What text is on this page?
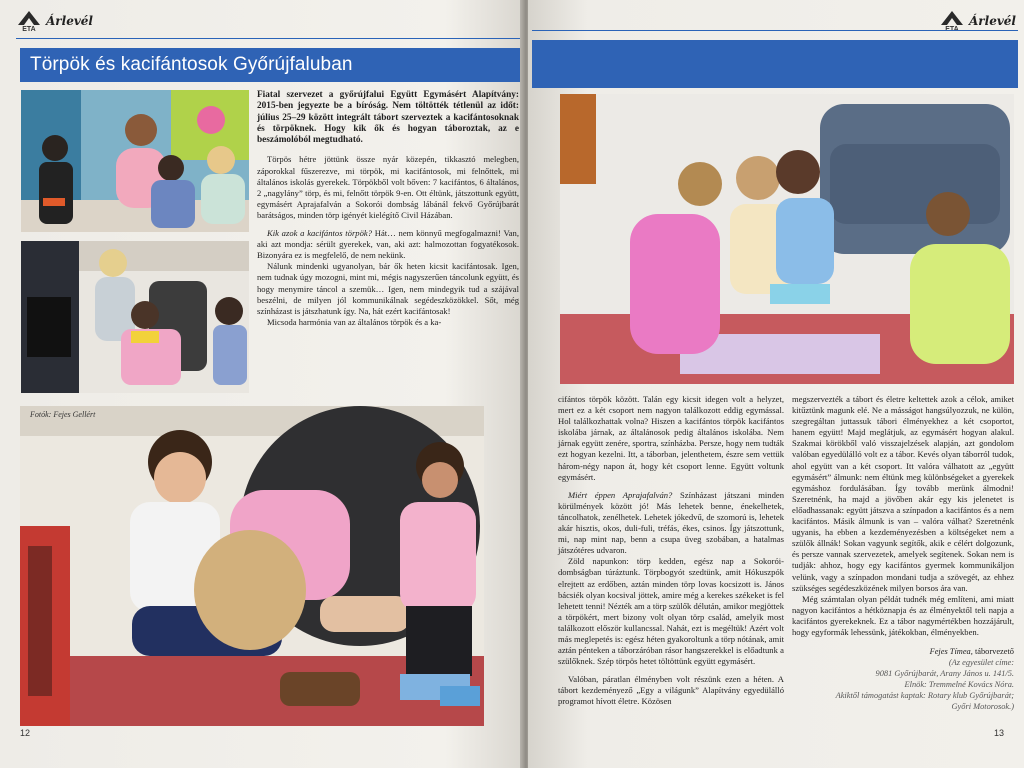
ETA
Árlevél
Törpök és kacifántosok Győrújfaluban
Fotók: Fejes Gellért

Fiatal szervezet a győrújfalui Együtt Egymásért Alapítvány: 2015-ben jegyezte be a bíróság. Nem töltötték tétlenül az időt: július 25–29 között integrált tábort szerveztek a kacifántosoknak és törpöknek. Hogy kik ők és hogyan táboroztak, az e beszámolóból megtudható.

Törpös hétre jöttünk össze nyár közepén, tikkasztó melegben, záporokkal fűszerezve, mi törpök, mi kacifántosok, mi felnőttek, mi általános iskolás gyerekek. Törpökből volt bőven: 7 kacifántos, 6 általános, 2 „nagylány” törp, és mi, felnőtt törpök 9-en. Ott éltünk, játszottunk együtt, egymásért Aprajafalván a Sokorói dombság lábánál fekvő Győrújbarát barátságos, minden törp igényét kielégítő Civil Házában.

Kik azok a kacifántos törpök? Hát… nem könnyű megfogalmazni! Van, aki azt mondja: sérült gyerekek, van, aki azt: halmozottan fogyatékosok. Bizonyára ez is megfelelő, de nem nekünk.

Nálunk mindenki ugyanolyan, bár ők heten kicsit kacifántosak. Igen, nem tudnak úgy mozogni, mint mi, mégis nagyszerűen táncolunk együtt, és hogy menymire táncol a szemük… Igen, nem mindegyik tud a szájával beszélni, de milyen jól kommunikálnak segédeszközökkel. Sőt, még színházast is játszhatunk így. Na, hát ezért kacifántosak!

Micsoda harmónia van az általános törpök és a ka-

12
Árlevél

cifántos törpök között. Talán egy kicsit idegen volt a helyzet, mert ez a két csoport nem nagyon találkozott eddig egymással. Hol találkozhattak volna? Hiszen a kacifántos törpök kacifántos iskolába járnak, az általánosok pedig általános iskolába. Nem járnak együtt zenére, sportra, színházba. Persze, hogy nem tudták ezt hogyan kezelni. Itt, a táborban, jelenthetem, észre sem vettük három-négy napon át, hogy két csoport lenne. Együtt voltunk egymásért.

Miért éppen Aprajafalván? Színházast játszani minden körülmények között jó! Más lehetek benne, énekelhetek, táncolhatok, zenélhetek. Lehetek jókedvű, de szomorú is, lehetek akár hisztis, okos, duli-fuli, tréfás, ékes, csinos. Így játszottunk, mi, nap mint nap, benn a csupa üveg szobában, a hatalmas játszótéres udvaron.

Zöld napunkon: törp kedden, egész nap a Sokorói-dombságban túráztunk. Törpbogyót szedtünk, amit Hókuszpók elrejtett az erdőben, aztán minden törp lovas kocsizott is. János bácsiék olyan kocsival jöttek, amire még a kerekes székeket is fel lehetett tenni! Nézték am a törp szülők délután, amikor megjöttek a törpökért, mert bizony volt olyan törp család, amelyik most találkozott először kullancssal. Nahát, ezt is megéltük! Azért volt más meglepetés is: egész héten gyakoroltunk a törp nótának, amit aztán pénteken a táborzáróban rásor hangszerekkel is előadtunk a szülőknek. Szép törpös hetet töltöttünk együtt egymásért.

Valóban, páratlan élményben volt részünk ezen a héten. A tábort kezdeményező „Egy a világunk” Alapítvány egyedülálló programot hívott életre. Közösen

megszervezték a tábort és életre keltettek azok a célok, amiket kitűztünk magunk elé. Ne a másságot hangsúlyozzuk, ne külön, szegregáltan juttassuk tábori élményekhez a két csoportot, hanem együtt! Majd meglátjuk, az egymásért hogyan alakul. Szakmai körökből való visszajelzések alapján, azt gondolom valóban egyedülálló volt ez a tábor. Kevés olyan táborról tudok, ahol együtt van a két csoport. Itt valóra válhatott az „együtt egymásért” álmunk: nem éltünk meg különbségeket a gyerekek egymáshoz fordulásában. Így tovább merünk álmodni! Szeretnénk, ha majd a jövőben akár egy kis jelenetet is előadhassanak: együtt játszva a színpadon a kacifántos és a nem kacifántos. Másik álmunk is van – valóra válhat? Szeretnénk ugyanis, ha ebben a kezdeményezésben a költségeket nem a szülők állnák! Sokan vagyunk segítők, akik e célért dolgozunk, és persze vannak szervezetek, amelyek segítenek. Sokan nem is tudják: ahhoz, hogy egy kacifántos gyermek kommunikáljon velünk, vagy a színpadon mondani tudja a szövegét, az ehhez szükséges segédeszközének milyen borsos ára van.

Még számtalan olyan példát tudnék még említeni, ami miatt nagyon kacifántos a hétköznapja és az élményektől teli napja a kacifántos gyerekeknek. Ez a tábor nagymértékben hozzájárult, hogy egyformák lehessünk, játékokban, élményekben.

Fejes Tímea, táborvezető
(Az egyesület címe:
9081 Győrújbarát, Arany János u. 141/5.
Elnök: Tremmelné Kovács Nóra.
Akiktől támogatást kaptak: Rotary klub Győrújbarát;
Győri Motorosok.)
13
